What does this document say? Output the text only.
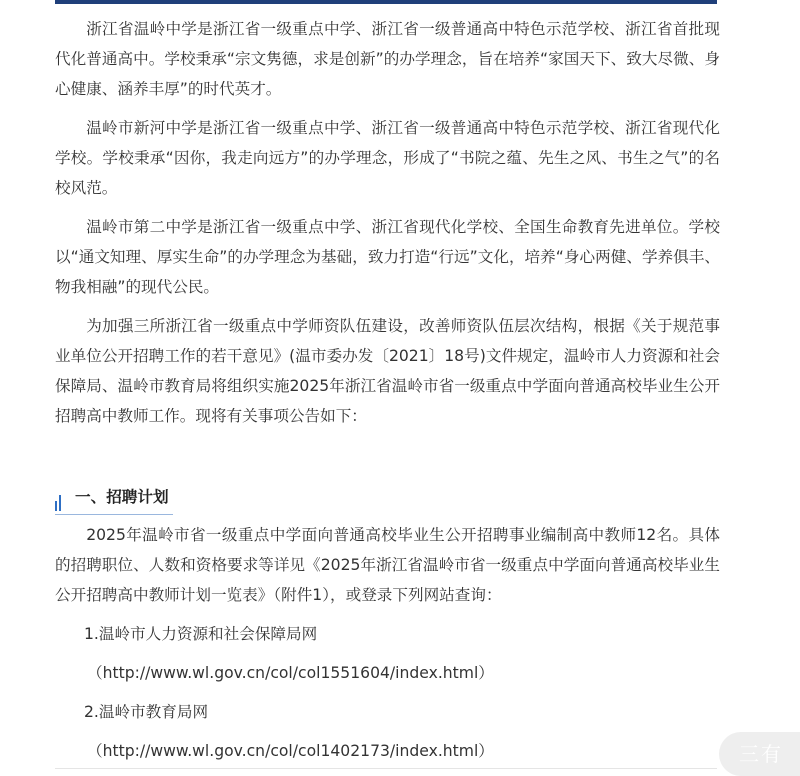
浙江省温岭中学是浙江省一级重点中学、浙江省一级普通高中特色示范学校、浙江省首批现代化普通高中。学校秉承“宗文隽德，求是创新”的办学理念，旨在培养“家国天下、致大尽微、身心健康、涵养丰厚”的时代英才。

温岭市新河中学是浙江省一级重点中学、浙江省一级普通高中特色示范学校、浙江省现代化学校。学校秉承“因你，我走向远方”的办学理念，形成了“书院之蕴、先生之风、书生之气”的名校风范。

温岭市第二中学是浙江省一级重点中学、浙江省现代化学校、全国生命教育先进单位。学校以“通文知理、厚实生命”的办学理念为基础，致力打造“行远”文化，培养“身心两健、学养俱丰、物我相融”的现代公民。

为加强三所浙江省一级重点中学师资队伍建设，改善师资队伍层次结构，根据《关于规范事业单位公开招聘工作的若干意见》(温市委办发〔2021〕18号)文件规定，温岭市人力资源和社会保障局、温岭市教育局将组织实施2025年浙江省温岭市省一级重点中学面向普通高校毕业生公开招聘高中教师工作。现将有关事项公告如下：

一、招聘计划

2025年温岭市省一级重点中学面向普通高校毕业生公开招聘事业编制高中教师12名。具体的招聘职位、人数和资格要求等详见《2025年浙江省温岭市省一级重点中学面向普通高校毕业生公开招聘高中教师计划一览表》（附件1），或登录下列网站查询：

1.温岭市人力资源和社会保障局网

（http://www.wl.gov.cn/col/col1551604/index.html）

2.温岭市教育局网

（http://www.wl.gov.cn/col/col1402173/index.html）	三有
